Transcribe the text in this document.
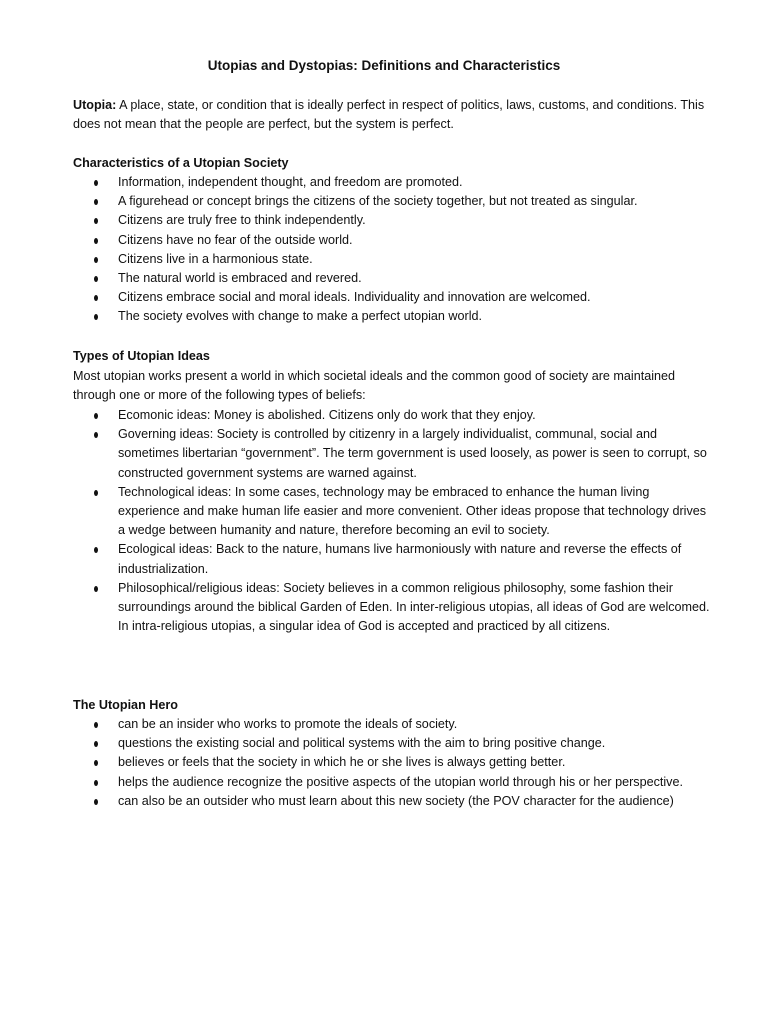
Utopias and Dystopias: Definitions and Characteristics
Utopia: A place, state, or condition that is ideally perfect in respect of politics, laws, customs, and conditions. This does not mean that the people are perfect, but the system is perfect.
Characteristics of a Utopian Society
Information, independent thought, and freedom are promoted.
A figurehead or concept brings the citizens of the society together, but not treated as singular.
Citizens are truly free to think independently.
Citizens have no fear of the outside world.
Citizens live in a harmonious state.
The natural world is embraced and revered.
Citizens embrace social and moral ideals. Individuality and innovation are welcomed.
The society evolves with change to make a perfect utopian world.
Types of Utopian Ideas
Most utopian works present a world in which societal ideals and the common good of society are maintained through one or more of the following types of beliefs:
Ecomonic ideas: Money is abolished. Citizens only do work that they enjoy.
Governing ideas: Society is controlled by citizenry in a largely individualist, communal, social and sometimes libertarian “government”. The term government is used loosely, as power is seen to corrupt, so constructed government systems are warned against.
Technological ideas: In some cases, technology may be embraced to enhance the human living experience and make human life easier and more convenient. Other ideas propose that technology drives a wedge between humanity and nature, therefore becoming an evil to society.
Ecological ideas: Back to the nature, humans live harmoniously with nature and reverse the effects of industrialization.
Philosophical/religious ideas: Society believes in a common religious philosophy, some fashion their surroundings around the biblical Garden of Eden. In inter-religious utopias, all ideas of God are welcomed. In intra-religious utopias, a singular idea of God is accepted and practiced by all citizens.
The Utopian Hero
can be an insider who works to promote the ideals of society.
questions the existing social and political systems with the aim to bring positive change.
believes or feels that the society in which he or she lives is always getting better.
helps the audience recognize the positive aspects of the utopian world through his or her perspective.
can also be an outsider who must learn about this new society (the POV character for the audience)
